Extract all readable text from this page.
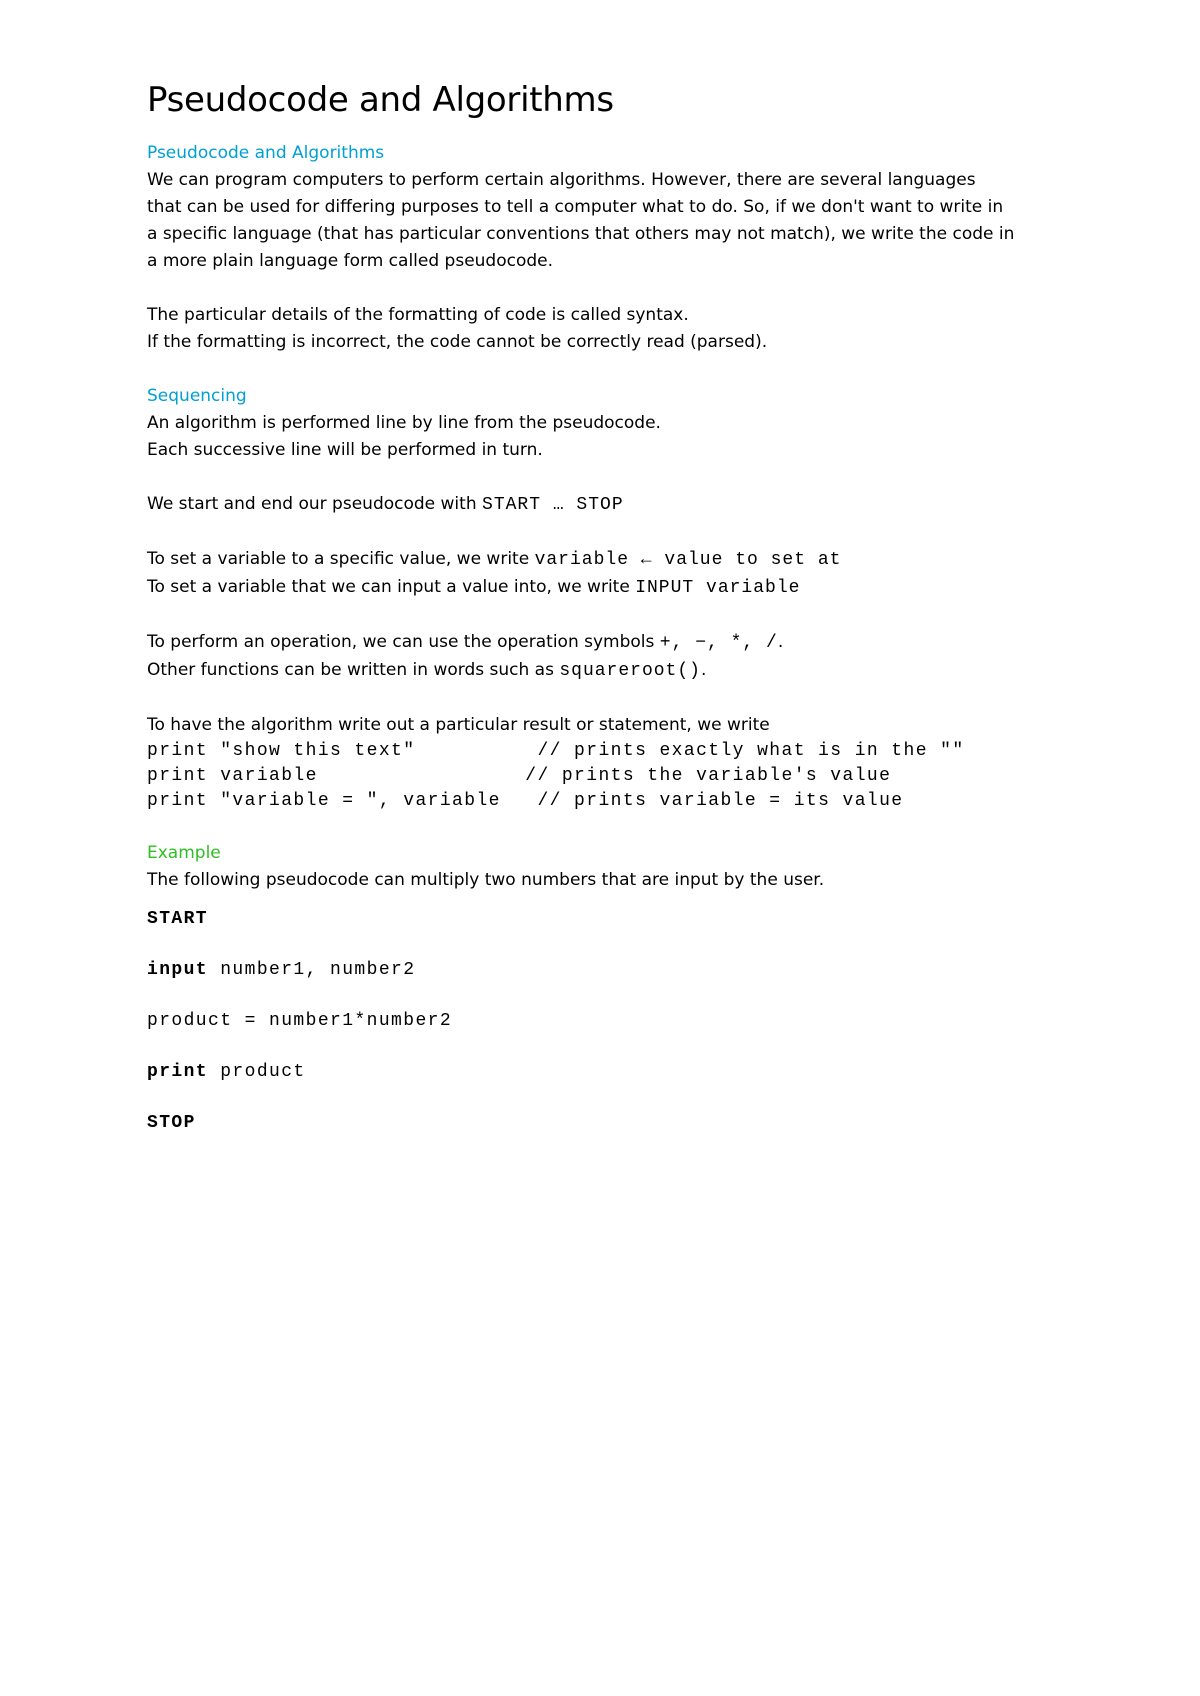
Pseudocode and Algorithms

Pseudocode and Algorithms

We can program computers to perform certain algorithms. However, there are several languages

that can be used for differing purposes to tell a computer what to do. So, if we don't want to write in

a specific language (that has particular conventions that others may not match), we write the code in

a more plain language form called pseudocode.

The particular details of the formatting of code is called syntax.

If the formatting is incorrect, the code cannot be correctly read (parsed).

Sequencing

An algorithm is performed line by line from the pseudocode.

Each successive line will be performed in turn.

We start and end our pseudocode with START … STOP

To set a variable to a specific value, we write variable ← value to set at

To set a variable that we can input a value into, we write INPUT variable

To perform an operation, we can use the operation symbols +, −, *, /.

Other functions can be written in words such as squareroot().

To have the algorithm write out a particular result or statement, we write

print "show this text"          // prints exactly what is in the ""

print variable                 // prints the variable's value

print "variable = ", variable   // prints variable = its value

Example

The following pseudocode can multiply two numbers that are input by the user.

START

input number1, number2

product = number1*number2

print product

STOP
